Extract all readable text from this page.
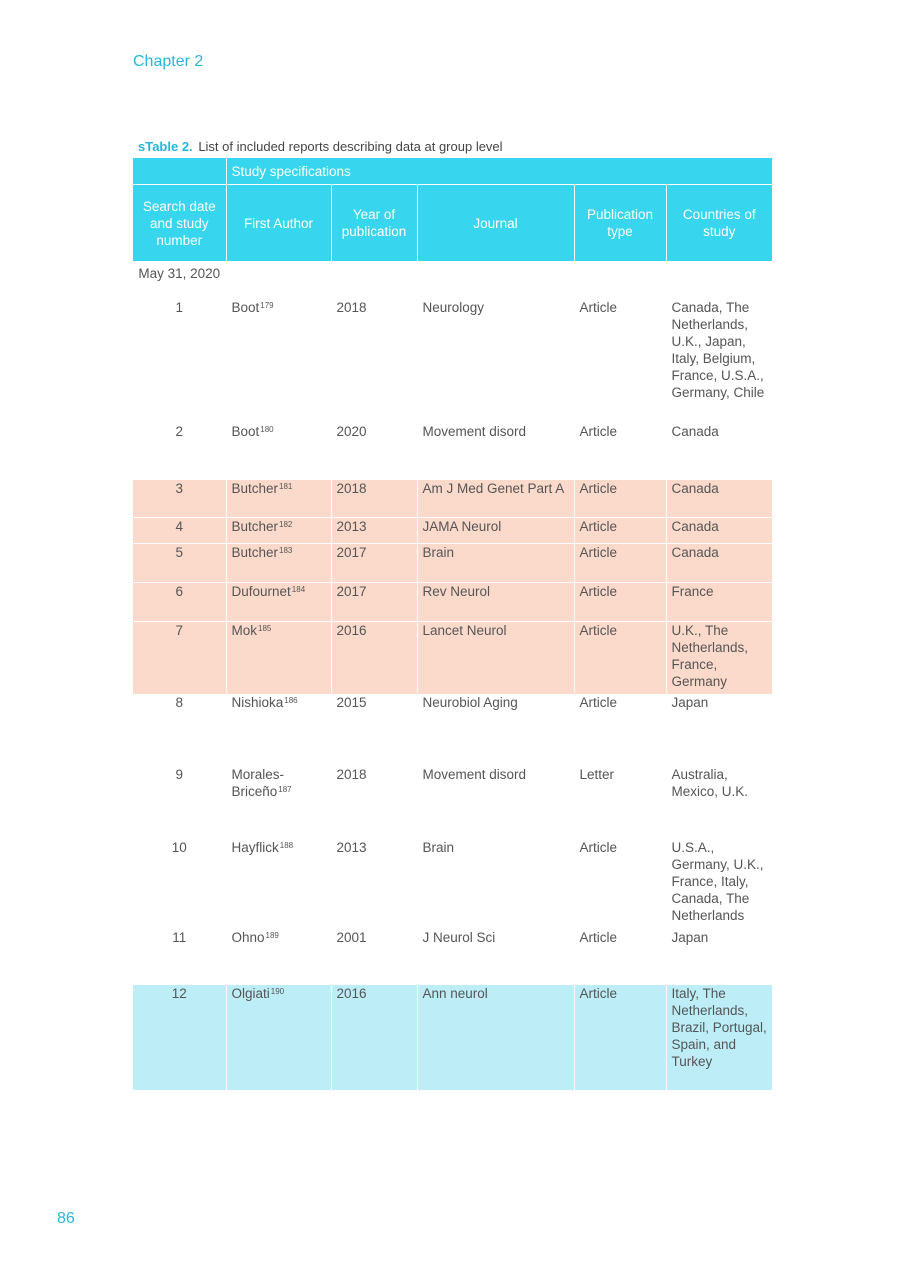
Chapter 2
sTable 2. List of included reports describing data at group level
	Study specifications				
Search date and study number	First Author	Year of publication	Journal	Publication type	Countries of study
May 31, 2020					
1	Boot$^{179}$	2018	Neurology	Article	Canada, The Netherlands, U.K., Japan, Italy, Belgium, France, U.S.A., Germany, Chile
2	Boot$^{180}$	2020	Movement disord	Article	Canada
3	Butcher$^{181}$	2018	Am J Med Genet Part A	Article	Canada
4	Butcher$^{182}$	2013	JAMA Neurol	Article	Canada
5	Butcher$^{183}$	2017	Brain	Article	Canada
6	Dufournet$^{184}$	2017	Rev Neurol	Article	France
7	Mok$^{185}$	2016	Lancet Neurol	Article	U.K., The Netherlands, France, Germany
8	Nishioka$^{186}$	2015	Neurobiol Aging	Article	Japan
9	Morales-Briceño$^{187}$	2018	Movement disord	Letter	Australia, Mexico, U.K.
10	Hayflick$^{188}$	2013	Brain	Article	U.S.A., Germany, U.K., France, Italy, Canada, The Netherlands
11	Ohno$^{189}$	2001	J Neurol Sci	Article	Japan
12	Olgiati$^{190}$	2016	Ann neurol	Article	Italy, The Netherlands, Brazil, Portugal, Spain, and Turkey
86
